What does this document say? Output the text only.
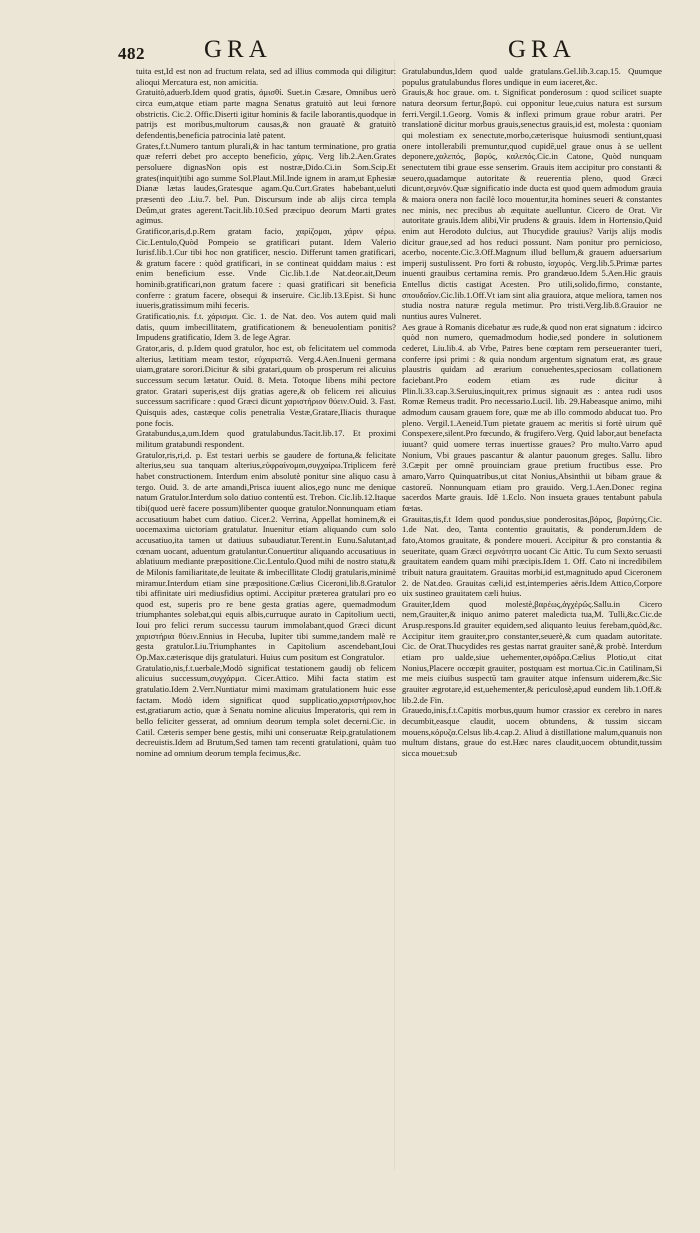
482 GRA	GRA

tuita est,Id est non ad fructum relata, sed ad illius commoda qui diligitur: alioqui Mercatura est, non amicitia.

Gratuitò,aduerb.Idem quod gratis, ἀμισθί. Suet.in Cæsare, Omnibus uerò circa eum,atque etiam parte magna Senatus gratuitò aut leui fœnore obstrictis. Cic.2. Offic.Diserti igitur hominis & facile laborantis,quodque in patrijs est moribus,multorum causas,& non grauatè & gratuitò defendentis,beneficia patrocinia latè patent.

Grates,f.t.Numero tantum plurali,& in hac tantum terminatione, pro gratia quæ referri debet pro accepto beneficio, χάρις. Verg lib.2.Aen.Grates persoluere dignasNon opis est nostræ,Dido.Ci.in Som.Scip.Et grates(inquit)tibi ago summe Sol.Plaut.Mil.Inde ignem in aram,ut Ephesiæ Dianæ lætas laudes,Gratesque agam.Qu.Curt.Grates habebant,ueluti præsenti deo .Liu.7. bel. Pun. Discursum inde ab alijs circa templa Deûm,ut grates agerent.Tacit.lib.10.Sed præcipuo deorum Marti grates agimus.

Gratificor,aris,d.p.Rem gratam facio, χαρίζομαι, χάριν φέρω. Cic.Lentulo,Quòd Pompeio se gratificari putant. Idem Valerio Iurisf.lib.1.Cur tibi hoc non gratificer, nescio. Differunt tamen gratificari, & gratum facere : quòd gratificari, in se contineat quiddam maius : est enim beneficium esse. Vnde Cic.lib.1.de Nat.deor.ait,Deum hominib.gratificari,non gratum facere : quasi gratificari sit beneficia conferre : gratum facere, obsequi & inseruire. Cic.lib.13.Epist. Si hunc iuueris,gratissimum mihi feceris.

Gratificatio,nis. f.t. χάρισμα. Cic. 1. de Nat. deo. Vos autem quid mali datis, quum imbecillitatem, gratificationem & beneuolentiam ponitis? Impudens gratificatio, Idem 3. de lege Agrar.

Grator,aris, d. p.Idem quod gratulor, hoc est, ob felicitatem uel commoda alterius, lætitiam meam testor, εὐχαριστῶ. Verg.4.Aen.Inueni germana uiam,gratare sorori.Dicitur & sibi gratari,quum ob prosperum rei alicuius successum secum lætatur. Ouid. 8. Meta. Totoque libens mihi pectore grator. Gratari superis,est dijs gratias agere,& ob felicem rei alicuius successum sacrificare : quod Græci dicunt χαριστήριον θύειν.Ouid. 3. Fast. Quisquis ades, castæque colis penetralia Vestæ,Gratare,Iliacis thuraque pone focis.

Gratabundus,a,um.Idem quod gratulabundus.Tacit.lib.17. Et proximi militum gratabundi respondent.

Gratulor,ris,ri,d. p. Est testari uerbis se gaudere de fortuna,& felicitate alterius,seu sua tanquam alterius,εὐφραίνομαι,συγχαίρω.Triplicem ferè habet constructionem. Interdum enim absolutè ponitur sine aliquo casu à tergo. Ouid. 3. de arte amandi,Prisca iuuent alios,ego nunc me denique natum Gratulor.Interdum solo datiuo contentū est. Trebon. Cic.lib.12.Itaque tibi(quod uerè facere possum)libenter quoque gratulor.Nonnunquam etiam accusatiuum habet cum datiuo. Cicer.2. Verrina, Appellat hominem,& ei uocemaxima uictoriam gratulatur. Inuenitur etiam aliquando cum solo accusatiuo,ita tamen ut datiuus subaudiatur.Terent.in Eunu.Salutant,ad cœnam uocant, aduentum gratulantur.Conuertitur aliquando accusatiuus in ablatiuum mediante præpositione.Cic.Lentulo.Quod mihi de nostro statu,& de Milonis familiaritate,de leuitate & imbecillitate Clodij gratularis,minimè miramur.Interdum etiam sine præpositione.Cælius Ciceroni,lib.8.Gratulor tibi affinitate uiri mediusfidius optimi. Accipitur præterea gratulari pro eo quod est, superis pro re bene gesta gratias agere, quemadmodum triumphantes solebat,qui equis albis,curruque aurato in Capitolium uecti, Ioui pro felici rerum successu taurum immolabant,quod Græci dicunt χαριστήρια θύειν.Ennius in Hecuba, Iupiter tibi summe,tandem malè re gesta gratulor.Liu.Triumphantes in Capitolium ascendebant,Ioui Op.Max.cæterisque dijs gratulaturi. Huius cum positum est Congratulor.

Gratulatio,nis,f.t.uerbale,Modò significat testationem gaudij ob felicem alicuius successum,συγχάρμα. Cicer.Attico. Mihi facta statim est gratulatio.Idem 2.Verr.Nuntiatur mimi maximam gratulationem huic esse factam. Modò idem significat quod supplicatio,χαριστήριον,hoc est,gratiarum actio, quæ à Senatu nomine alicuius Imperatoris, qui rem in bello feliciter gesserat, ad omnium deorum templa solet decerni.Cic. in Catil. Cæteris semper bene gestis, mihi uni conseruatæ Reip.gratulationem decreuistis.Idem ad Brutum,Sed tamen tam recenti gratulationi, quàm tuo nomine ad omnium deorum templa fecimus,&c.

Gratulabundus,Idem quod ualde gratulans.Gel.lib.3.cap.15. Quumque populus gratulabundus flores undique in eum iaceret,&c.

Grauis,& hoc graue. om. t. Significat ponderosum : quod scilicet suapte natura deorsum fertur,βαρύ. cui opponitur leue,cuius natura est sursum ferri.Vergil.1.Georg. Vomis & inflexi primum graue robur aratri. Per translationē dicitur morbus grauis,senectus grauis,id est, molesta : quoniam qui molestiam ex senectute,morbo,cæterisque huiusmodi sentiunt,quasi onere intollerabili premuntur,quod cupidē,uel graue onus à se uellent deponere,χαλεπός, βαρύς, καλεπός.Cic.in Catone, Quòd nunquam senectutem tibi graue esse senserim. Grauis item accipitur pro constanti & seuero,quadamque autoritate & reuerentia pleno, quod Græci dicunt,σεμνόν.Quæ significatio inde ducta est quod quem admodum grauia & maiora onera non facilè loco mouentur,ita homines seueri & constantes nec minis, nec precibus ab æquitate auelluntur. Cicero de Orat. Vir autoritate grauis.Idem alibi,Vir prudens & grauis. Idem in Hortensio,Quid enim aut Herodoto dulcius, aut Thucydide grauius? Varijs alijs modis dicitur graue,sed ad hos reduci possunt. Nam ponitur pro pernicioso, acerbo, nocente.Cic.3.Off.Magnum illud bellum,& grauem aduersarium imperij sustulissent. Pro forti & robusto, ἰσχυρός. Verg.lib.5.Primæ partes inuenti grauibus certamina remis. Pro grandæuo.Idem 5.Aen.Hic grauis Entellus dictis castigat Acesten. Pro utili,solido,firmo, constante, σπουδαῖον.Cic.lib.1.Off.Vt iam sint alia grauiora, atque meliora, tamen nos studia nostra naturæ regula metimur. Pro tristi.Verg.lib.8.Grauior ne nuntius aures Vulneret.

Aes graue à Romanis dicebatur æs rude,& quod non erat signatum : idcirco quòd non numero, quemadmodum hodie,sed pondere in solutionem cederet, Liu.lib.4. ab Vrbe, Patres bene cœptam rem perseueranter tueri, conferre ipsi primi : & quia nondum argentum signatum erat, æs graue plaustris quidam ad ærarium conuehentes,speciosam collationem faciebant.Pro eodem etiam æs rude dicitur à Plin.li.33.cap.3.Seruius,inquit,rex primus signauit æs : antea rudi usos Romæ Remeus tradit. Pro necessario.Lucil. lib. 29.Habeasque animo, mihi admodum causam grauem fore, quæ me ab illo commodo abducat tuo. Pro pleno. Vergil.1.Aeneid.Tum pietate grauem ac meritis si fortè uirum quē Conspexere,silent.Pro fœcundo, & frugifero.Verg. Quid labor,aut benefacta iuuant? quid uomere terras inuertisse graues? Pro multo.Varro apud Nonium, Vbi graues pascantur & alantur pauonum greges. Sallu. libro 3.Cæpit per omnē prouinciam graue pretium fructibus esse. Pro amaro,Varro Quinquatribus,ut citat Nonius,Absinthii ut bibam graue & castoreū. Nonnunquam etiam pro grauido. Verg.1.Aen.Donec regina sacerdos Marte grauis. Idē 1.Eclo. Non insueta graues tentabunt pabula fœtas.

Grauitas,tis,f.t Idem quod pondus,siue ponderositas,βάρος, βαρύτης.Cic. 1.de Nat. deo, Tanta contentio grauitatis, & ponderum.Idem de fato,Atomos grauitate, & pondere moueri. Accipitur & pro constantia & seueritate, quam Græci σεμνότητα uocant Cic Attic. Tu cum Sexto seruasti grauitatem eandem quam mihi præcipis.Idem 1. Off. Cato ni incredibilem tribuit natura grauitatem. Grauitas morbi,id est,magnitudo apud Ciceronem 2. de Nat.deo. Grauitas cæli,id est,intemperies aëris.Idem Attico,Corpore uix sustineo grauitatem cæli huius.

Grauiter,Idem quod molestè,βαρέως,ἀγχέρῶς.Sallu.in Cicero nem,Grauiter,& iniquo animo pateret maledicta tua,M. Tulli,&c.Cic.de Arusp.respons.Id grauiter equidem,sed aliquanto leuius ferebam,quòd,&c. Accipitur item grauiter,pro constanter,seuerè,& cum quadam autoritate. Cic. de Orat.Thucydides res gestas narrat grauiter sanè,& probè. Interdum etiam pro ualde,siue uehementer,σφόδρα.Cælius Plotio,ut citat Nonius,Placere occœpit grauiter, postquam est mortua.Cic.in Catilinam,Si me meis ciuibus suspectū tam grauiter atque infensum uiderem,&c.Sic grauiter ægrotare,id est,uehementer,& periculosè,apud eundem lib.1.Off.& lib.2.de Fin.

Grauedo,inis,f.t.Capitis morbus,quum humor crassior ex cerebro in nares decumbit,easque claudit, uocem obtundens, & tussim siccam mouens,κόρυζα.Celsus lib.4.cap.2. Aliud à distillatione malum,quanuis non multum distans, graue do est.Hæc nares claudit,uocem obtundit,tussim sicca mouet:sub
